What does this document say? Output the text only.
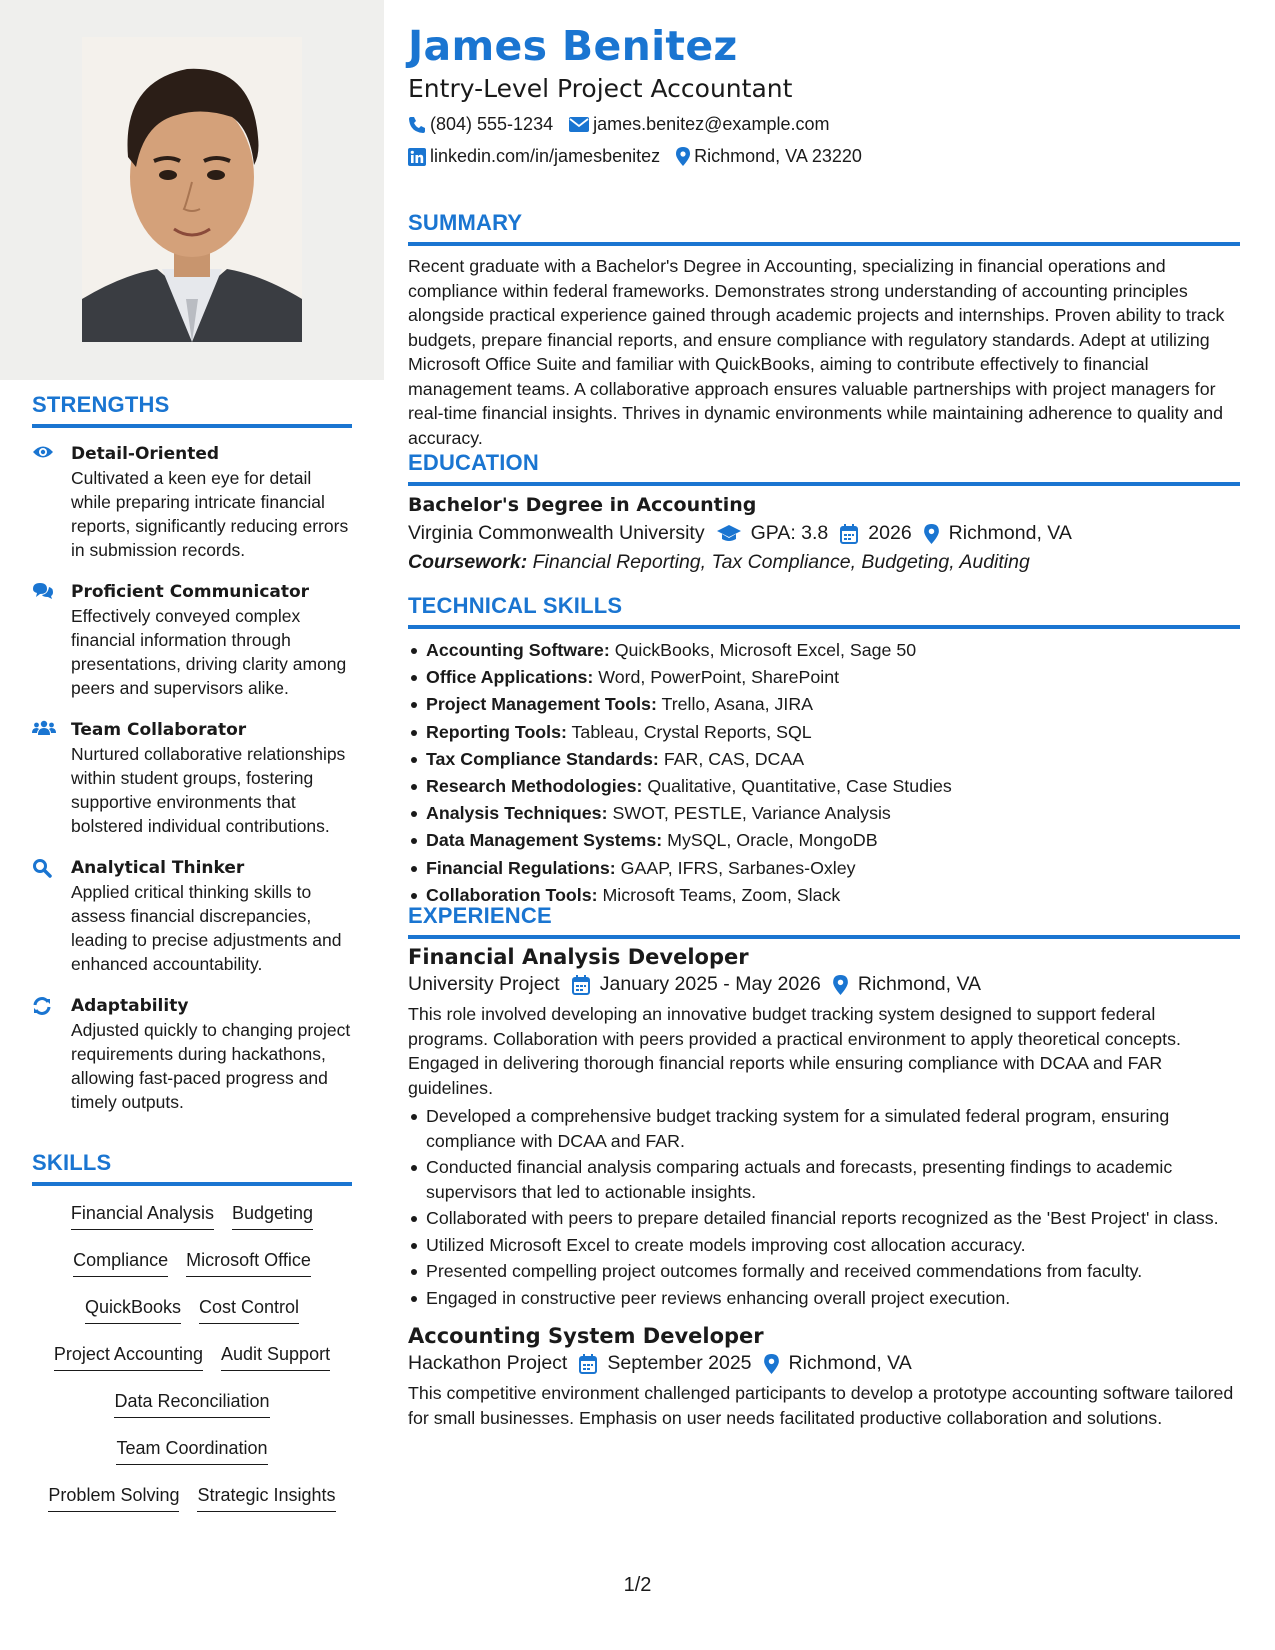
STRENGTHS
Detail-Oriented
Cultivated a keen eye for detail while preparing intricate financial reports, significantly reducing errors in submission records.
Proficient Communicator
Effectively conveyed complex financial information through presentations, driving clarity among peers and supervisors alike.
Team Collaborator
Nurtured collaborative relationships within student groups, fostering supportive environments that bolstered individual contributions.
Analytical Thinker
Applied critical thinking skills to assess financial discrepancies, leading to precise adjustments and enhanced accountability.
Adaptability
Adjusted quickly to changing project requirements during hackathons, allowing fast-paced progress and timely outputs.
SKILLS
Financial Analysis Budgeting
Compliance Microsoft Office
QuickBooks Cost Control
Project Accounting Audit Support
Data Reconciliation
Team Coordination
Problem Solving Strategic Insights
James Benitez
Entry-Level Project Accountant
(804) 555-1234 james.benitez@example.com
linkedin.com/in/jamesbenitez Richmond, VA 23220
SUMMARY
Recent graduate with a Bachelor's Degree in Accounting, specializing in financial operations and compliance within federal frameworks. Demonstrates strong understanding of accounting principles alongside practical experience gained through academic projects and internships. Proven ability to track budgets, prepare financial reports, and ensure compliance with regulatory standards. Adept at utilizing Microsoft Office Suite and familiar with QuickBooks, aiming to contribute effectively to financial management teams. A collaborative approach ensures valuable partnerships with project managers for real-time financial insights. Thrives in dynamic environments while maintaining adherence to quality and accuracy.
EDUCATION
Bachelor's Degree in Accounting
Virginia Commonwealth University GPA: 3.8 2026 Richmond, VA
Coursework: Financial Reporting, Tax Compliance, Budgeting, Auditing
TECHNICAL SKILLS
Accounting Software: QuickBooks, Microsoft Excel, Sage 50
Office Applications: Word, PowerPoint, SharePoint
Project Management Tools: Trello, Asana, JIRA
Reporting Tools: Tableau, Crystal Reports, SQL
Tax Compliance Standards: FAR, CAS, DCAA
Research Methodologies: Qualitative, Quantitative, Case Studies
Analysis Techniques: SWOT, PESTLE, Variance Analysis
Data Management Systems: MySQL, Oracle, MongoDB
Financial Regulations: GAAP, IFRS, Sarbanes-Oxley
Collaboration Tools: Microsoft Teams, Zoom, Slack
EXPERIENCE
Financial Analysis Developer
University Project January 2025 - May 2026 Richmond, VA
This role involved developing an innovative budget tracking system designed to support federal programs. Collaboration with peers provided a practical environment to apply theoretical concepts. Engaged in delivering thorough financial reports while ensuring compliance with DCAA and FAR guidelines.
Developed a comprehensive budget tracking system for a simulated federal program, ensuring compliance with DCAA and FAR.
Conducted financial analysis comparing actuals and forecasts, presenting findings to academic supervisors that led to actionable insights.
Collaborated with peers to prepare detailed financial reports recognized as the 'Best Project' in class.
Utilized Microsoft Excel to create models improving cost allocation accuracy.
Presented compelling project outcomes formally and received commendations from faculty.
Engaged in constructive peer reviews enhancing overall project execution.
Accounting System Developer
Hackathon Project September 2025 Richmond, VA
This competitive environment challenged participants to develop a prototype accounting software tailored for small businesses. Emphasis on user needs facilitated productive collaboration and solutions.
1/2
